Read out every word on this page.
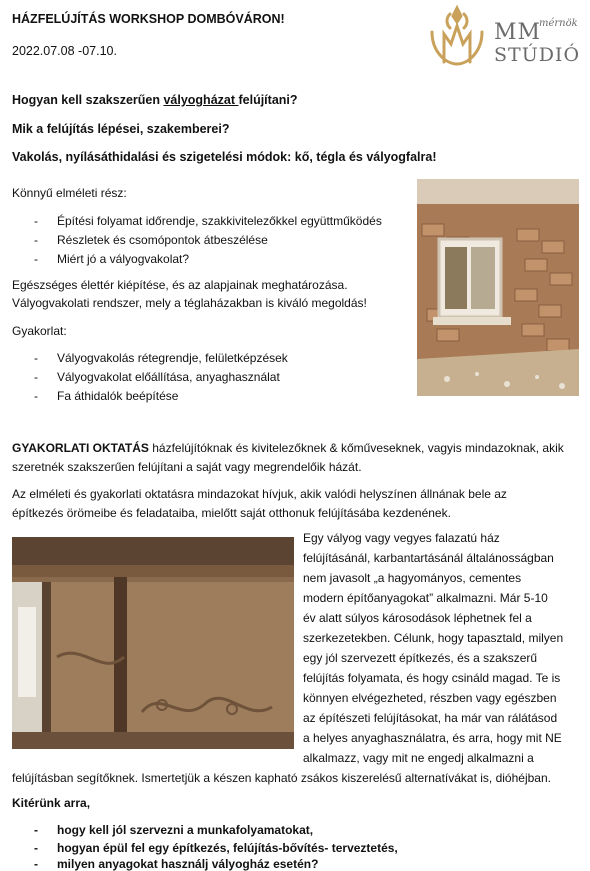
HÁZFELÚJÍTÁS WORKSHOP DOMBÓVÁRON!
2022.07.08 -07.10.
MM
mérnök
STÚDIÓ
Hogyan kell szakszerűen vályogházat felújítani?
Mik a felújítás lépései, szakemberei?
Vakolás, nyílásáthidalási és szigetelési módok: kő, tégla és vályogfalra!
Könnyű elméleti rész:
- Építési folyamat időrendje, szakkivitelezőkkel együttműködés
- Részletek és csomópontok átbeszélése
- Miért jó a vályogvakolat?
Egészséges élettér kiépítése, és az alapjainak meghatározása.
Vályogvakolati rendszer, mely a téglaházakban is kiváló megoldás!
Gyakorlat:
- Vályogvakolás rétegrendje, felületképzések
- Vályogvakolat előállítása, anyaghasználat
- Fa áthidalók beépítése
GYAKORLATI OKTATÁS házfelújítóknak és kivitelezőknek & kőműveseknek, vagyis mindazoknak, akik
szeretnék szakszerűen felújítani a saját vagy megrendelőik házát.
Az elméleti és gyakorlati oktatásra mindazokat hívjuk, akik valódi helyszínen állnának bele az
építkezés örömeibe és feladataiba, mielőtt saját otthonuk felújításába kezdenének.
Egy vályog vagy vegyes falazatú ház
felújításánál, karbantartásánál általánosságban
nem javasolt „a hagyományos, cementes
modern építőanyagokat” alkalmazni. Már 5-10
év alatt súlyos károsodások léphetnek fel a
szerkezetekben. Célunk, hogy tapasztald, milyen
egy jól szervezett építkezés, és a szakszerű
felújítás folyamata, és hogy csináld magad. Te is
könnyen elvégezheted, részben vagy egészben
az építészeti felújításokat, ha már van rálátásod
a helyes anyaghasználatra, és arra, hogy mit NE
alkalmazz, vagy mit ne engedj alkalmazni a
felújításban segítőknek. Ismertetjük a készen kapható zsákos kiszerelésű alternatívákat is, dióhéjban.
Kitérünk arra,
- hogy kell jól szervezni a munkafolyamatokat,
- hogyan épül fel egy építkezés, felújítás-bővítés- terveztetés,
- milyen anyagokat használj vályogház esetén?
